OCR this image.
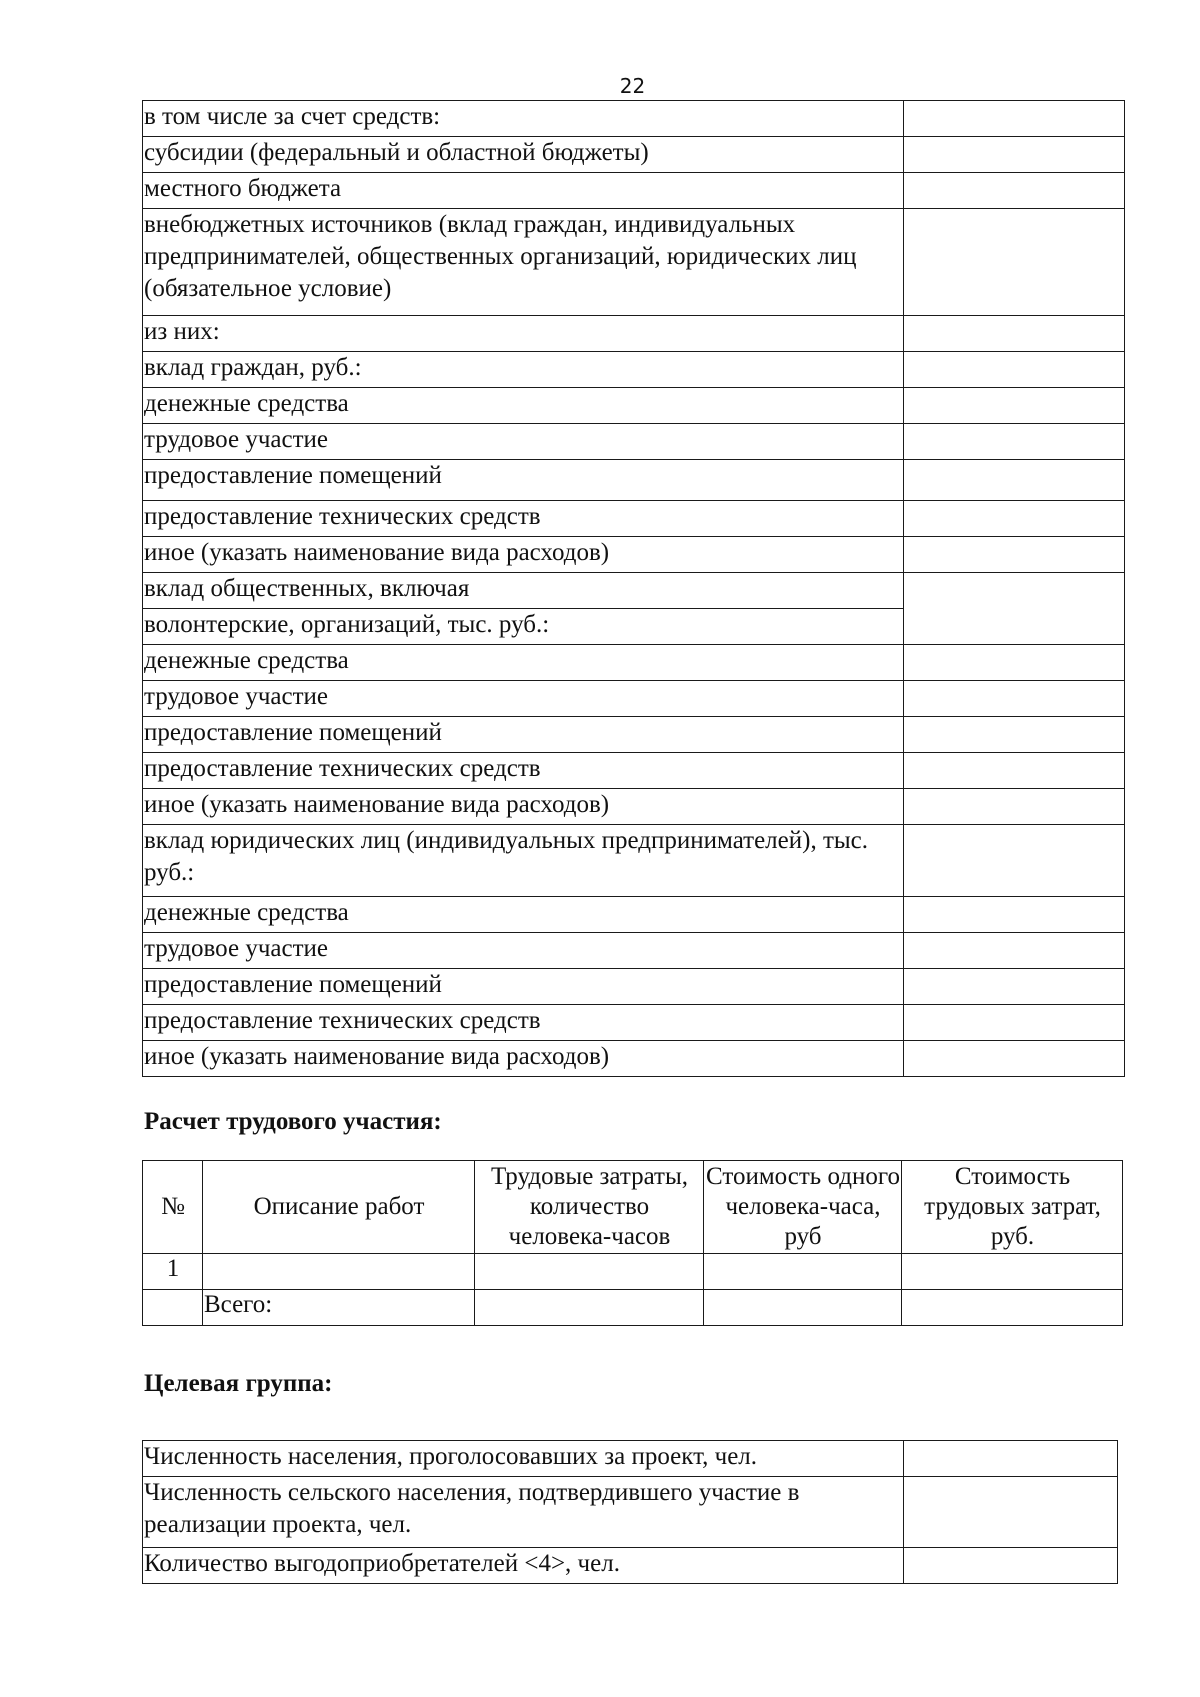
22
в том числе за счет средств:	
субсидии (федеральный и областной бюджеты)	
местного бюджета	
внебюджетных источников (вклад граждан, индивидуальных предприниматeлей, общественных организаций, юридических лиц (обязательное условие)	
из них:	
вклад граждан, руб.:	
денежные средства	
трудовое участие	
предоставление помещений	
предоставление технических средств	
иное (указать наименование вида расходов)	
вклад общественных, включая	
волонтерские, организаций, тыс. руб.:	
денежные средства	
трудовое участие	
предоставление помещений	
предоставление технических средств	
иное (указать наименование вида расходов)	
вклад юридических лиц (индивидуальных предпринимателей), тыс. руб.:	
денежные средства	
трудовое участие	
предоставление помещений	
предоставление технических средств	
иное (указать наименование вида расходов)	
Расчет трудового участия:
№	Описание работ	Трудовые затраты, количество человека-часов	Стоимость одного человека-часа, руб	Стоимость трудовых затрат, руб.
1				
	Всего:			
Целевая группа:
Численность населения, проголосовавших за проект, чел.	
Численность сельского населения, подтвердившего участие в реализации проекта, чел.	
Количество выгодоприобретателей <4>, чел.	
